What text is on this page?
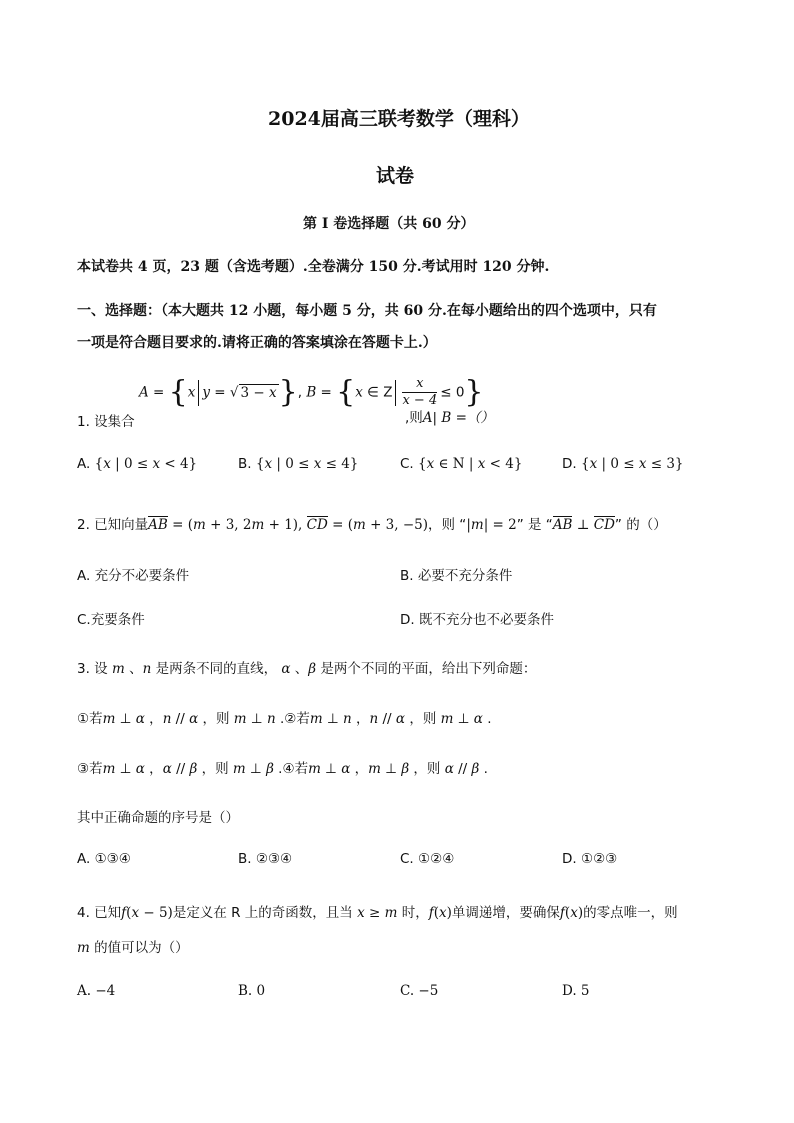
2024届高三联考数学（理科）
试卷
第 I 卷选择题（共 60 分）
本试卷共 4 页，23 题（含选考题）.全卷满分 150 分.考试用时 120 分钟.
一、选择题：（本大题共 12 小题，每小题 5 分，共 60 分.在每小题给出的四个选项中，只有
一项是符合题目要求的.请将正确的答案填涂在答题卡上.）
1. 设集合
A = {x y = √ 3 − x}, B = {x ∈ Z $\frac{x}{x - 4} \le 0$}
,则A| B =（）
A. {x | 0 ≤ x < 4}	B. {x | 0 ≤ x ≤ 4}	C. {x ∈ N | x < 4}	D. {x | 0 ≤ x ≤ 3}
2. 已知向量AB = (m + 3, 2m + 1), CD = (m + 3, −5)，则 “|m| = 2” 是 “AB ⊥ CD” 的（）
A. 充分不必要条件	B. 必要不充分条件
C.充要条件	D. 既不充分也不必要条件
3. 设 m 、n 是两条不同的直线， α 、β 是两个不同的平面，给出下列命题：
①若m ⊥ α ，n // α ，则 m ⊥ n .②若m ⊥ n ，n // α ，则 m ⊥ α .
③若m ⊥ α ，α // β ，则 m ⊥ β .④若m ⊥ α ，m ⊥ β ，则 α // β .
其中正确命题的序号是（）
A. ①③④	B. ②③④	C. ①②④	D. ①②③
4. 已知f(x − 5)是定义在 R 上的奇函数，且当 x ≥ m 时，f(x)单调递增，要确保f(x)的零点唯一，则
m 的值可以为（）
A. −4	B. 0	C. −5	D. 5
